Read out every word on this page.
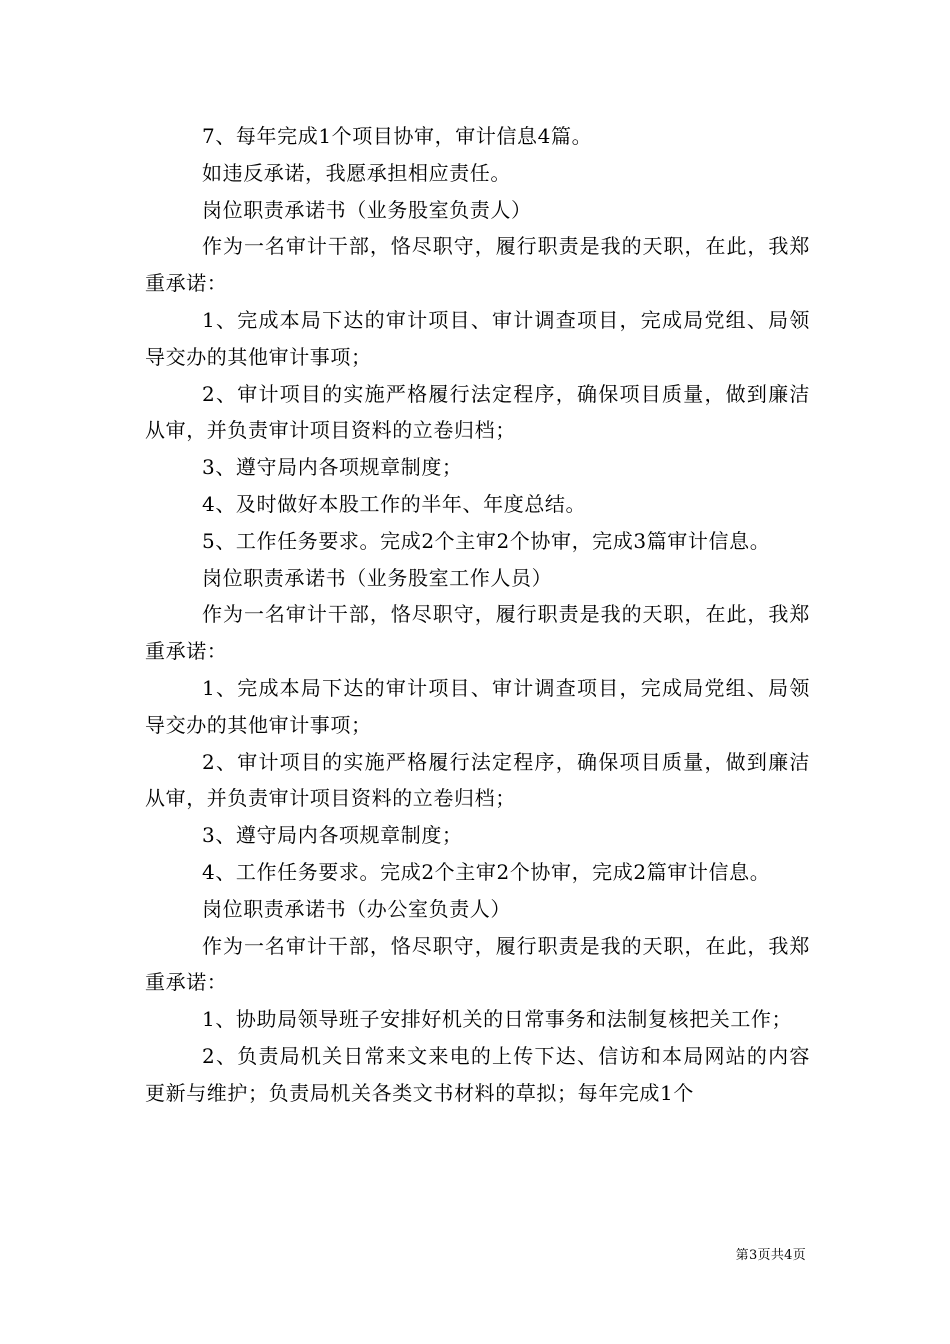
7、每年完成1个项目协审，审计信息4篇。

如违反承诺，我愿承担相应责任。

岗位职责承诺书（业务股室负责人）

作为一名审计干部，恪尽职守，履行职责是我的天职，在此，我郑重承诺：

1、完成本局下达的审计项目、审计调查项目，完成局党组、局领导交办的其他审计事项；

2、审计项目的实施严格履行法定程序，确保项目质量，做到廉洁从审，并负责审计项目资料的立卷归档；

3、遵守局内各项规章制度；

4、及时做好本股工作的半年、年度总结。

5、工作任务要求。完成2个主审2个协审，完成3篇审计信息。

岗位职责承诺书（业务股室工作人员）

作为一名审计干部，恪尽职守，履行职责是我的天职，在此，我郑重承诺：

1、完成本局下达的审计项目、审计调查项目，完成局党组、局领导交办的其他审计事项；

2、审计项目的实施严格履行法定程序，确保项目质量，做到廉洁从审，并负责审计项目资料的立卷归档；

3、遵守局内各项规章制度；

4、工作任务要求。完成2个主审2个协审，完成2篇审计信息。

岗位职责承诺书（办公室负责人）

作为一名审计干部，恪尽职守，履行职责是我的天职，在此，我郑重承诺：

1、协助局领导班子安排好机关的日常事务和法制复核把关工作；

2、负责局机关日常来文来电的上传下达、信访和本局网站的内容更新与维护；负责局机关各类文书材料的草拟；每年完成1个

第3页共4页
